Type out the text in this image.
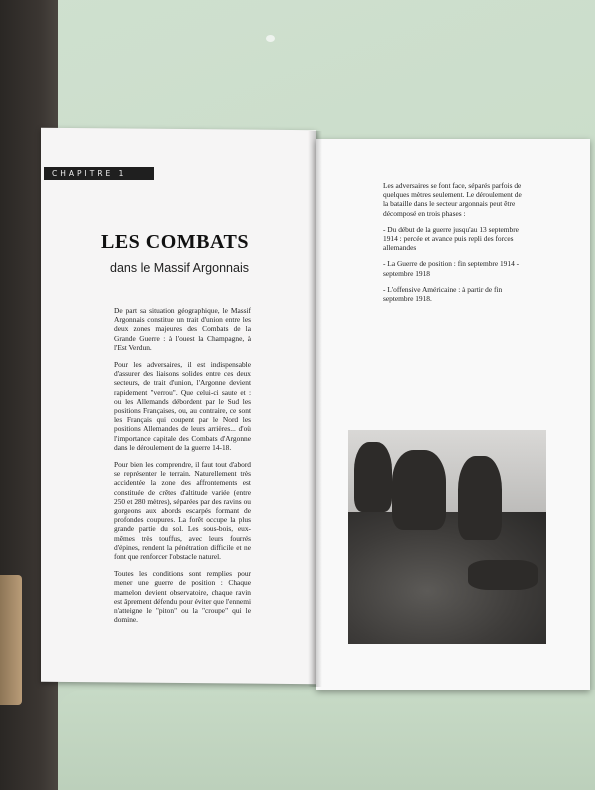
CHAPITRE 1
LES COMBATS
dans le Massif Argonnais

De part sa situation géographique, le Massif Argonnais constitue un trait d'union entre les deux zones majeures des Combats de la Grande Guerre : à l'ouest la Champagne, à l'Est Verdun.

Pour les adversaires, il est indispensable d'assurer des liaisons solides entre ces deux secteurs, de trait d'union, l'Argonne devient rapidement "verrou". Que celui-ci saute et : ou les Allemands débordent par le Sud les positions Françaises, ou, au contraire, ce sont les Français qui coupent par le Nord les positions Allemandes de leurs arrières... d'où l'importance capitale des Combats d'Argonne dans le déroulement de la guerre 14-18.

Pour bien les comprendre, il faut tout d'abord se représenter le terrain. Naturellement très accidentée la zone des affrontements est constituée de crêtes d'altitude variée (entre 250 et 280 mètres), séparées par des ravins ou gorgeons aux abords escarpés formant de profondes coupures. La forêt occupe la plus grande partie du sol. Les sous-bois, eux-mêmes très touffus, avec leurs fourrés d'épines, rendent la pénétration difficile et ne font que renforcer l'obstacle naturel.

Toutes les conditions sont remplies pour mener une guerre de position : Chaque mamelon devient observatoire, chaque ravin est âprement défendu pour éviter que l'ennemi n'atteigne le "piton" ou la "croupe" qui le domine.

Les adversaires se font face, séparés parfois de quelques mètres seulement. Le déroulement de la bataille dans le secteur argonnais peut être décomposé en trois phases :

- Du début de la guerre jusqu'au 13 septembre 1914 : percée et avance puis repli des forces allemandes

- La Guerre de position : fin septembre 1914 - septembre 1918

- L'offensive Américaine : à partir de fin septembre 1918.
